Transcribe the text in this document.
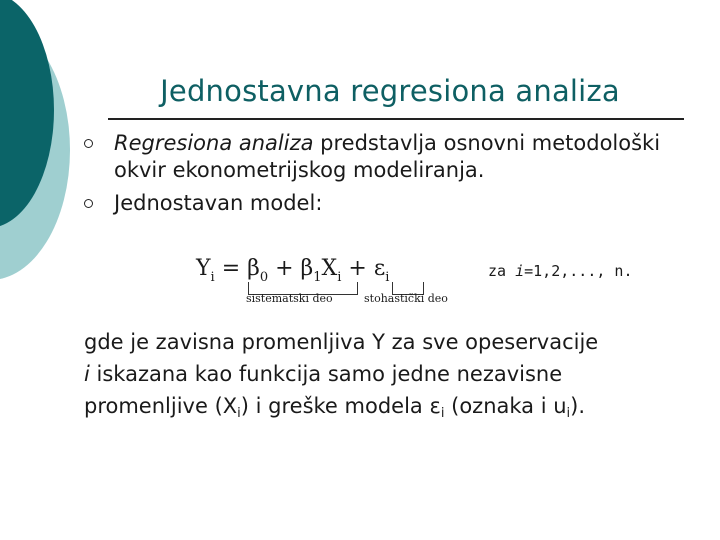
Jednostavna regresiona analiza
Regresiona analiza predstavlja osnovni metodološki okvir ekonometrijskog modeliranja.
Jednostavan model:
$Y_i = \beta_0 + \beta_1X_i + \varepsilon_i$
sistematski deo	stohastički deo
za i=1,2,..., n.
gde je zavisna promenljiva Y za sve opeservacije
i iskazana kao funkcija samo jedne nezavisne
promenljive (Xi) i greške modela εi (oznaka i ui).
